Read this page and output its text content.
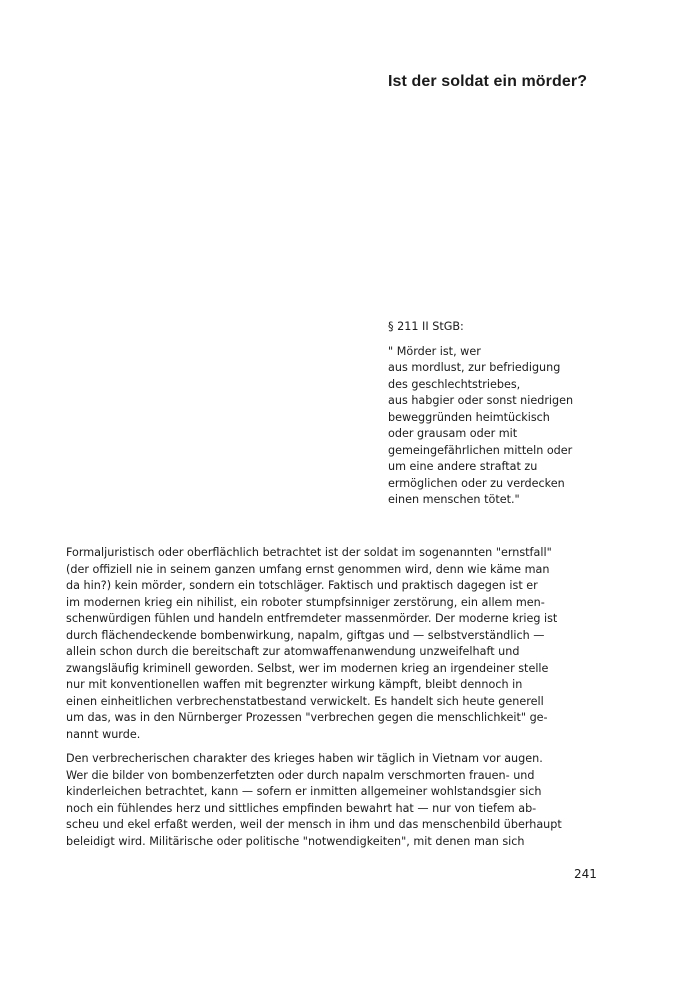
Ist der soldat ein mörder?

§ 211 II StGB:

" Mörder ist, wer
aus mordlust, zur befriedigung
des geschlechtstriebes,
aus habgier oder sonst niedrigen
beweggründen heimtückisch
oder grausam oder mit
gemeingefährlichen mitteln oder
um eine andere straftat zu
ermöglichen oder zu verdecken
einen menschen tötet."

Formaljuristisch oder oberflächlich betrachtet ist der soldat im sogenannten "ernstfall"
(der offiziell nie in seinem ganzen umfang ernst genommen wird, denn wie käme man
da hin?) kein mörder, sondern ein totschläger. Faktisch und praktisch dagegen ist er
im modernen krieg ein nihilist, ein roboter stumpfsinniger zerstörung, ein allem men-
schenwürdigen fühlen und handeln entfremdeter massenmörder. Der moderne krieg ist
durch flächendeckende bombenwirkung, napalm, giftgas und — selbstverständlich —
allein schon durch die bereitschaft zur atomwaffenanwendung unzweifelhaft und
zwangsläufig kriminell geworden. Selbst, wer im modernen krieg an irgendeiner stelle
nur mit konventionellen waffen mit begrenzter wirkung kämpft, bleibt dennoch in
einen einheitlichen verbrechenstatbestand verwickelt. Es handelt sich heute generell
um das, was in den Nürnberger Prozessen "verbrechen gegen die menschlichkeit" ge-
nannt wurde.

Den verbrecherischen charakter des krieges haben wir täglich in Vietnam vor augen.
Wer die bilder von bombenzerfetzten oder durch napalm verschmorten frauen- und
kinderleichen betrachtet, kann — sofern er inmitten allgemeiner wohlstandsgier sich
noch ein fühlendes herz und sittliches empfinden bewahrt hat — nur von tiefem ab-
scheu und ekel erfaßt werden, weil der mensch in ihm und das menschenbild überhaupt
beleidigt wird. Militärische oder politische "notwendigkeiten", mit denen man sich

241
